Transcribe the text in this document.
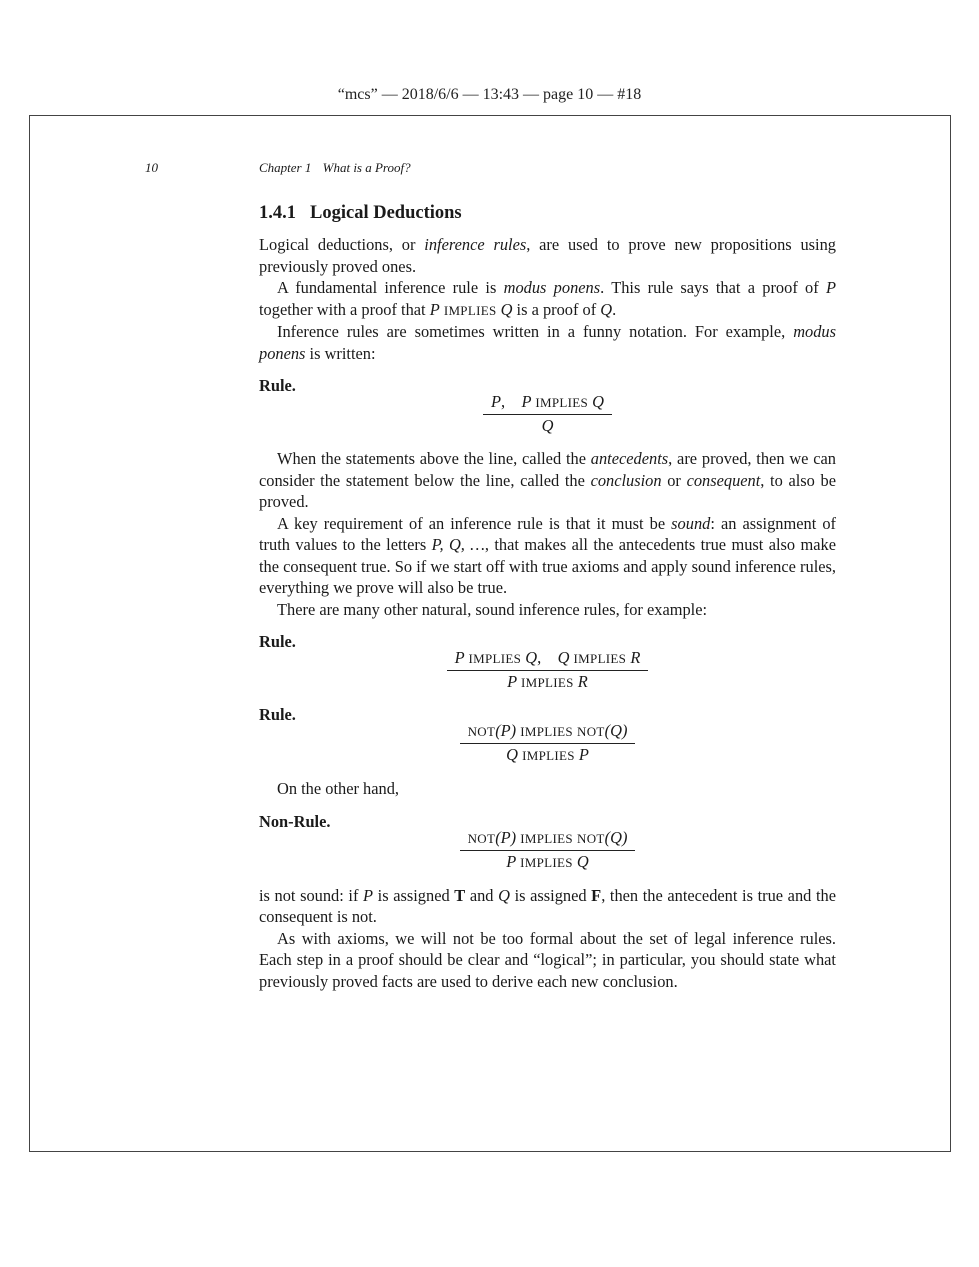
“mcs” — 2018/6/6 — 13:43 — page 10 — #18
10	Chapter 1 What is a Proof?
1.4.1 Logical Deductions

Logical deductions, or inference rules, are used to prove new propositions using previously proved ones.

A fundamental inference rule is modus ponens. This rule says that a proof of P together with a proof that P IMPLIES Q is a proof of Q.

Inference rules are sometimes written in a funny notation. For example, modus ponens is written:

Rule.
P, P IMPLIES Q
Q

When the statements above the line, called the antecedents, are proved, then we can consider the statement below the line, called the conclusion or consequent, to also be proved.

A key requirement of an inference rule is that it must be sound: an assignment of truth values to the letters P, Q, …, that makes all the antecedents true must also make the consequent true. So if we start off with true axioms and apply sound inference rules, everything we prove will also be true.

There are many other natural, sound inference rules, for example:

Rule.
P IMPLIES Q, Q IMPLIES R
P IMPLIES R
Rule.
NOT(P) IMPLIES NOT(Q)
Q IMPLIES P

On the other hand,

Non-Rule.
NOT(P) IMPLIES NOT(Q)
P IMPLIES Q

is not sound: if P is assigned T and Q is assigned F, then the antecedent is true and the consequent is not.

As with axioms, we will not be too formal about the set of legal inference rules. Each step in a proof should be clear and “logical”; in particular, you should state what previously proved facts are used to derive each new conclusion.
